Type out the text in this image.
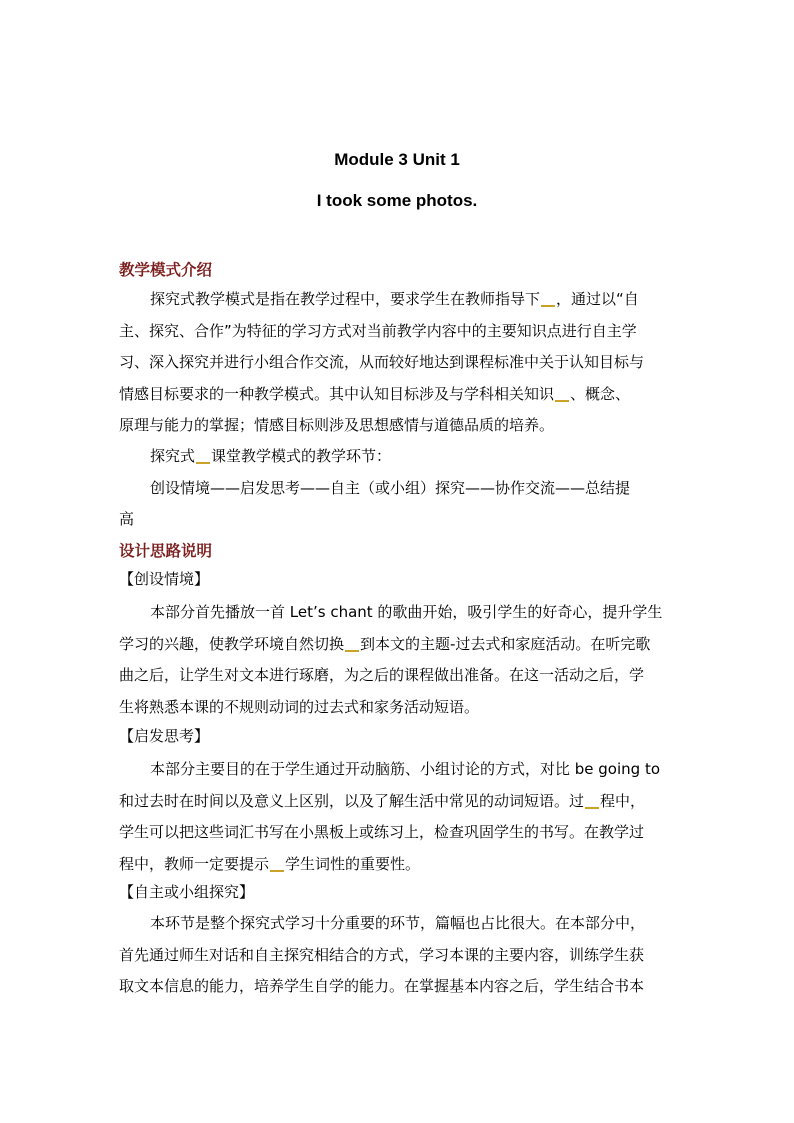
Module 3 Unit 1
I took some photos.
教学模式介绍
探究式教学模式是指在教学过程中，要求学生在教师指导下 ，通过以“自
主、探究、合作”为特征的学习方式对当前教学内容中的主要知识点进行自主学
习、深入探究并进行小组合作交流，从而较好地达到课程标准中关于认知目标与
情感目标要求的一种教学模式。其中认知目标涉及与学科相关知识 、概念、
原理与能力的掌握；情感目标则涉及思想感情与道德品质的培养。
探究式 课堂教学模式的教学环节：
创设情境——启发思考——自主（或小组）探究——协作交流——总结提
高
设计思路说明
【创设情境】
本部分首先播放一首 Let’s chant 的歌曲开始，吸引学生的好奇心，提升学生
学习的兴趣，使教学环境自然切换 到本文的主题-过去式和家庭活动。在听完歌
曲之后，让学生对文本进行琢磨，为之后的课程做出准备。在这一活动之后，学
生将熟悉本课的不规则动词的过去式和家务活动短语。
【启发思考】
本部分主要目的在于学生通过开动脑筋、小组讨论的方式，对比 be going to
和过去时在时间以及意义上区别，以及了解生活中常见的动词短语。过 程中，
学生可以把这些词汇书写在小黑板上或练习上，检查巩固学生的书写。在教学过
程中，教师一定要提示 学生词性的重要性。
【自主或小组探究】
本环节是整个探究式学习十分重要的环节，篇幅也占比很大。在本部分中，
首先通过师生对话和自主探究相结合的方式，学习本课的主要内容，训练学生获
取文本信息的能力，培养学生自学的能力。在掌握基本内容之后，学生结合书本
